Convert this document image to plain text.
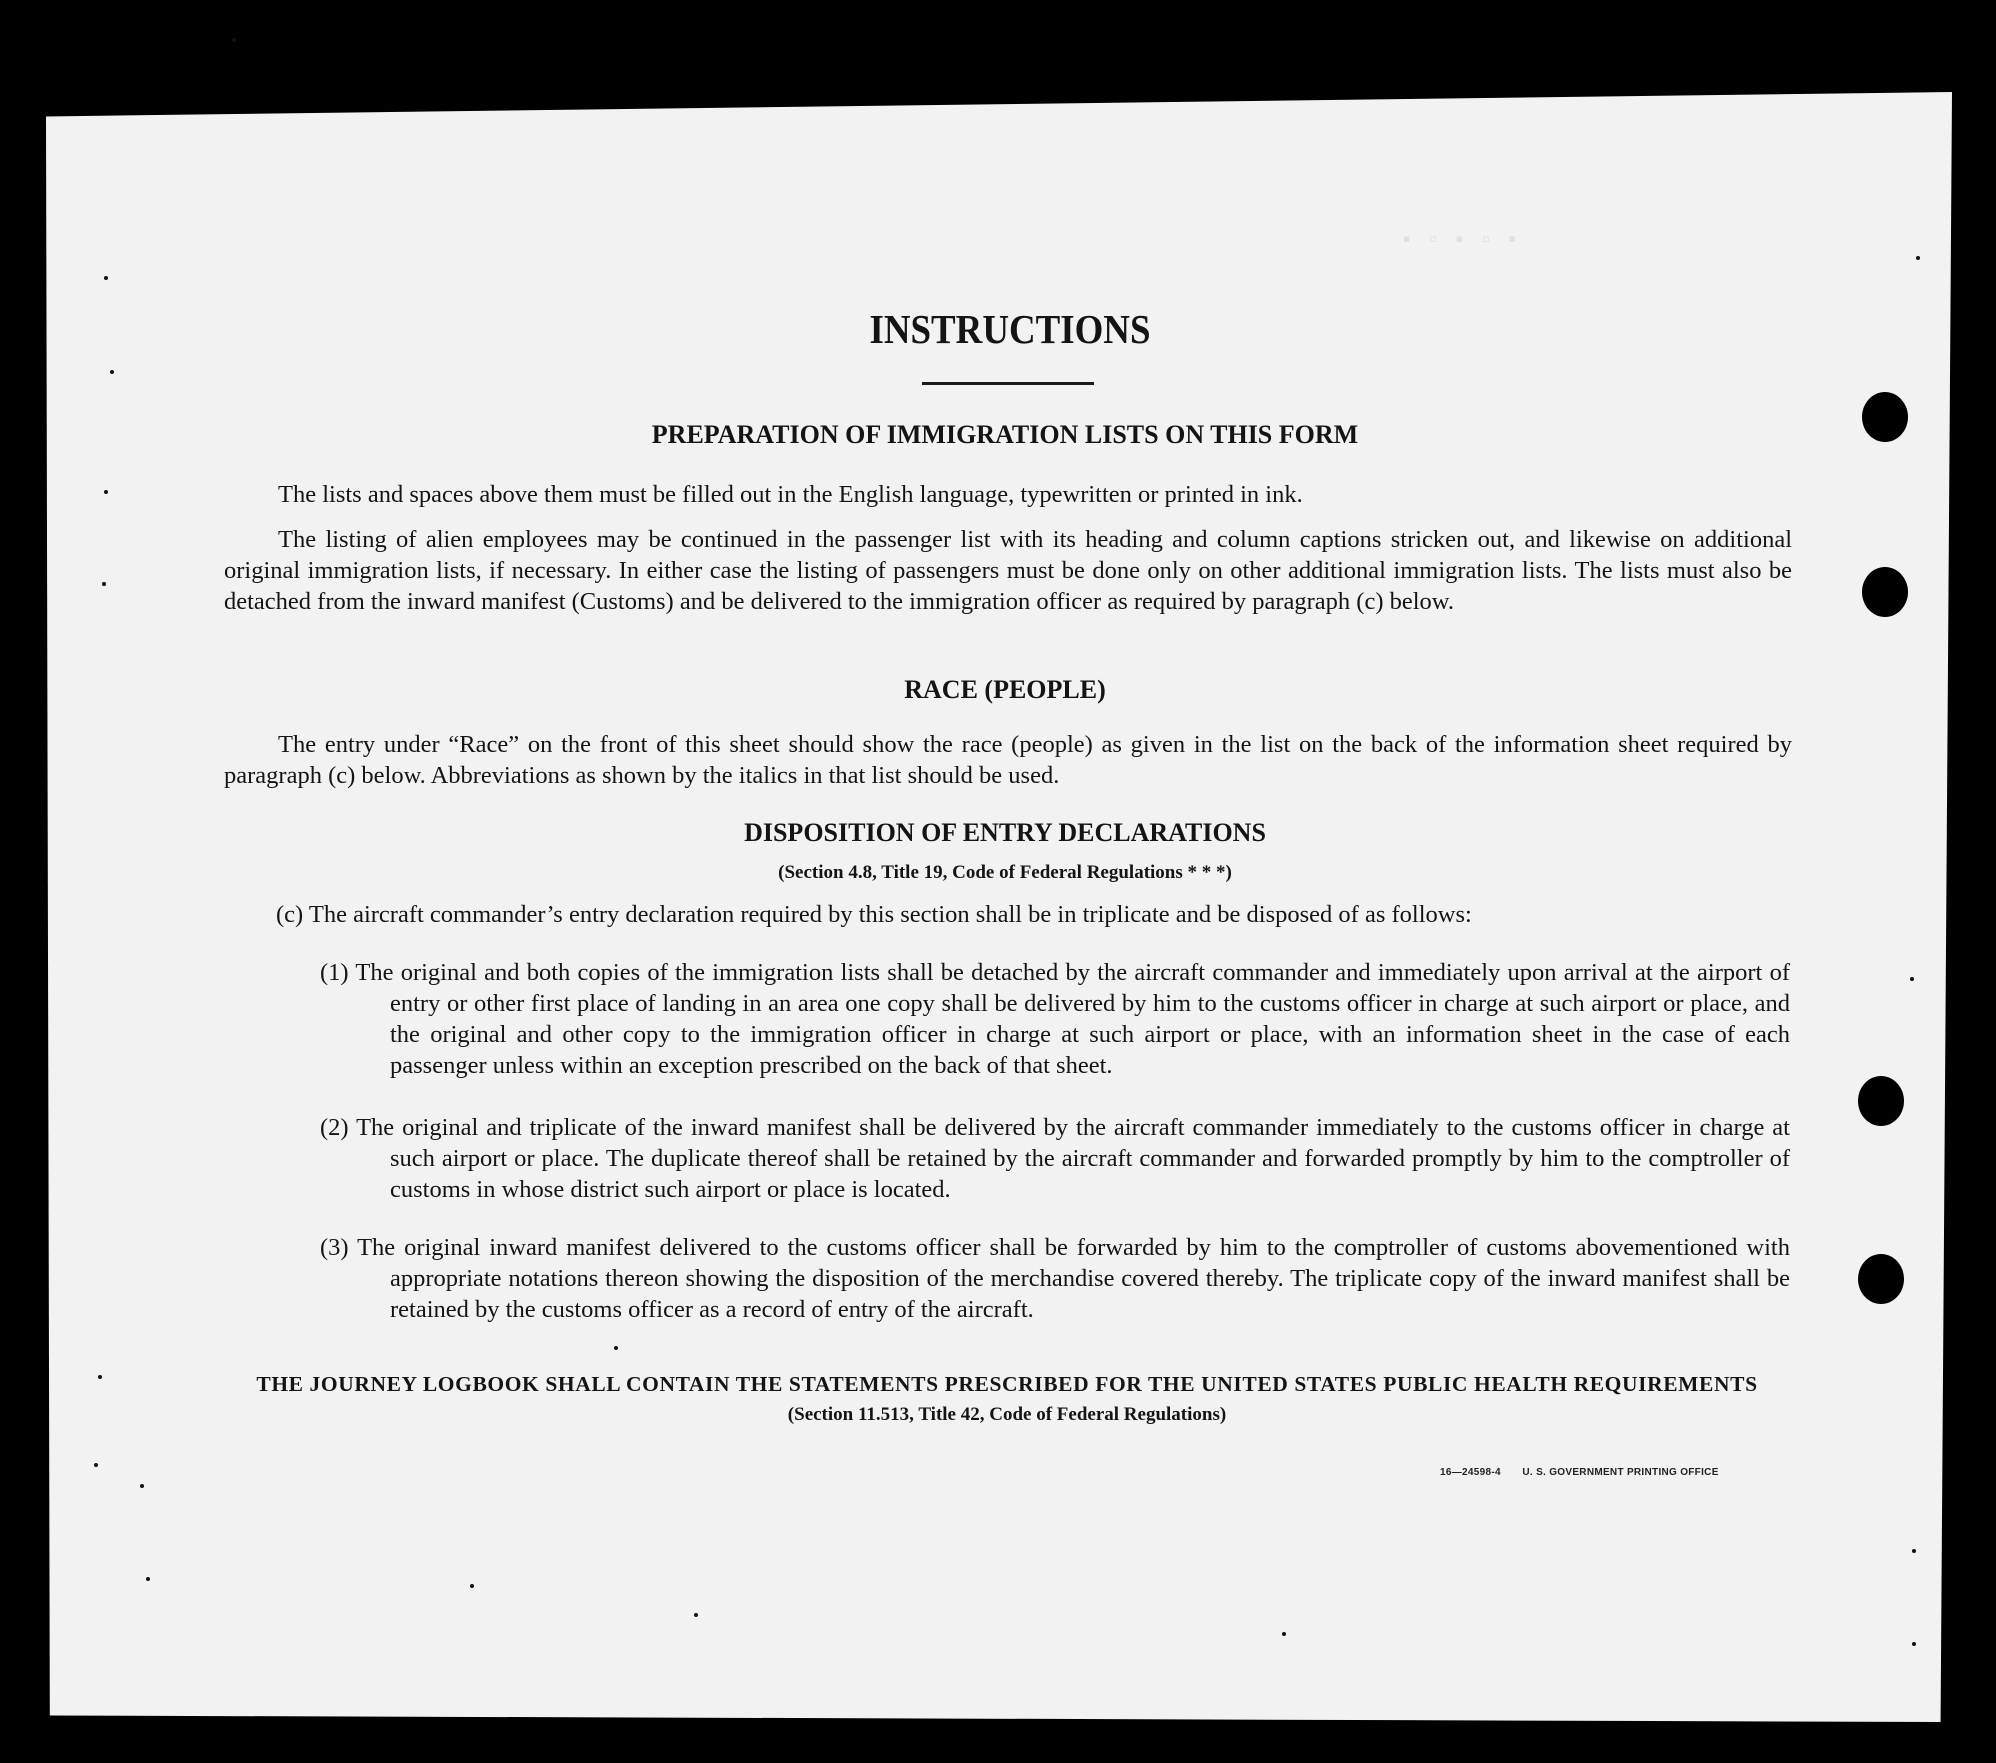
▪ ▫ ▪ ▫ ▪
INSTRUCTIONS
PREPARATION OF IMMIGRATION LISTS ON THIS FORM
The lists and spaces above them must be filled out in the English language, typewritten or printed in ink.
The listing of alien employees may be continued in the passenger list with its heading and column captions stricken out, and likewise on additional original immigration lists, if necessary. In either case the listing of passengers must be done only on other additional immigration lists. The lists must also be detached from the inward manifest (Customs) and be delivered to the immigration officer as required by paragraph (c) below.
RACE (PEOPLE)
The entry under “Race” on the front of this sheet should show the race (people) as given in the list on the back of the information sheet required by paragraph (c) below. Abbreviations as shown by the italics in that list should be used.
DISPOSITION OF ENTRY DECLARATIONS
(Section 4.8, Title 19, Code of Federal Regulations * * *)
(c) The aircraft commander’s entry declaration required by this section shall be in triplicate and be disposed of as follows:
(1) The original and both copies of the immigration lists shall be detached by the aircraft commander and immediately upon arrival at the airport of entry or other first place of landing in an area one copy shall be delivered by him to the customs officer in charge at such airport or place, and the original and other copy to the immigration officer in charge at such airport or place, with an information sheet in the case of each passenger unless within an exception prescribed on the back of that sheet.
(2) The original and triplicate of the inward manifest shall be delivered by the aircraft commander immediately to the customs officer in charge at such airport or place. The duplicate thereof shall be retained by the aircraft commander and forwarded promptly by him to the comptroller of customs in whose district such airport or place is located.
(3) The original inward manifest delivered to the customs officer shall be forwarded by him to the comptroller of customs abovementioned with appropriate notations thereon showing the disposition of the merchandise covered thereby. The triplicate copy of the inward manifest shall be retained by the customs officer as a record of entry of the aircraft.
THE JOURNEY LOGBOOK SHALL CONTAIN THE STATEMENTS PRESCRIBED FOR THE UNITED STATES PUBLIC HEALTH REQUIREMENTS
(Section 11.513, Title 42, Code of Federal Regulations)
16—24598-4 U. S. GOVERNMENT PRINTING OFFICE
